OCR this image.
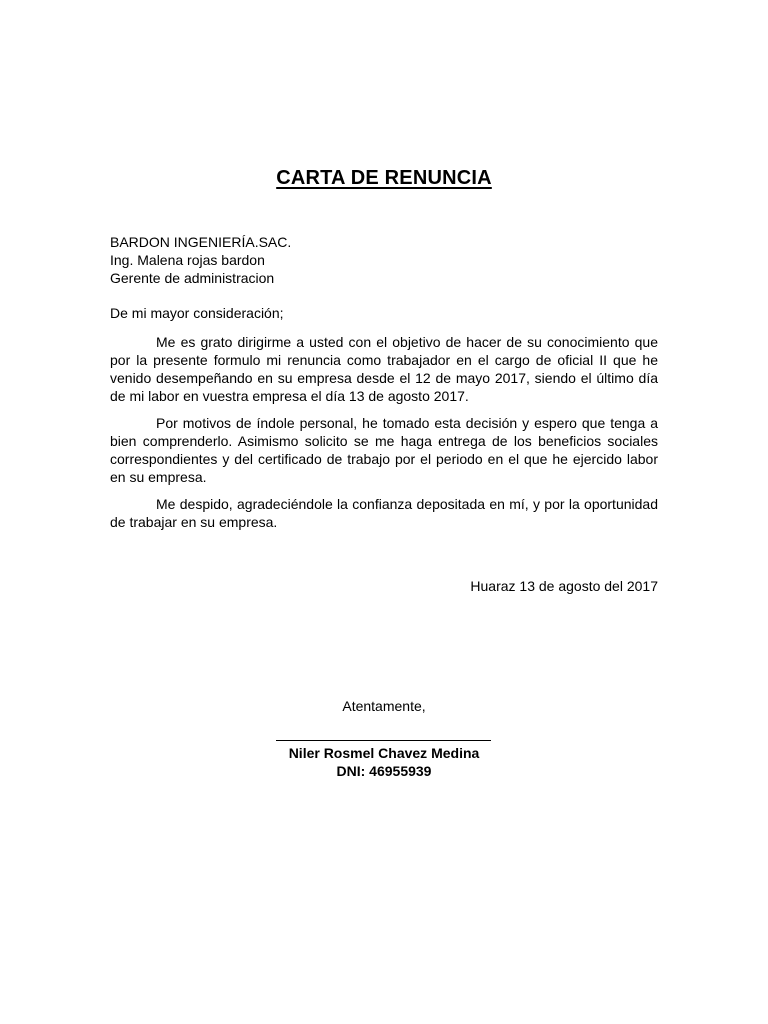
CARTA DE RENUNCIA
BARDON INGENIERÍA.SAC.
Ing. Malena rojas bardon
Gerente de administracion
De mi mayor consideración;

Me es grato dirigirme a usted con el objetivo de hacer de su conocimiento que por la presente formulo mi renuncia como trabajador en el cargo de oficial II que he venido desempeñando en su empresa desde el 12 de mayo 2017, siendo el último día de mi labor en vuestra empresa el día 13 de agosto 2017.

Por motivos de índole personal, he tomado esta decisión y espero que tenga a bien comprenderlo. Asimismo solicito se me haga entrega de los beneficios sociales correspondientes y del certificado de trabajo por el periodo en el que he ejercido labor en su empresa.

Me despido, agradeciéndole la confianza depositada en mí, y por la oportunidad de trabajar en su empresa.

Huaraz 13 de agosto del 2017
Atentamente,
Niler Rosmel Chavez Medina
DNI: 46955939
